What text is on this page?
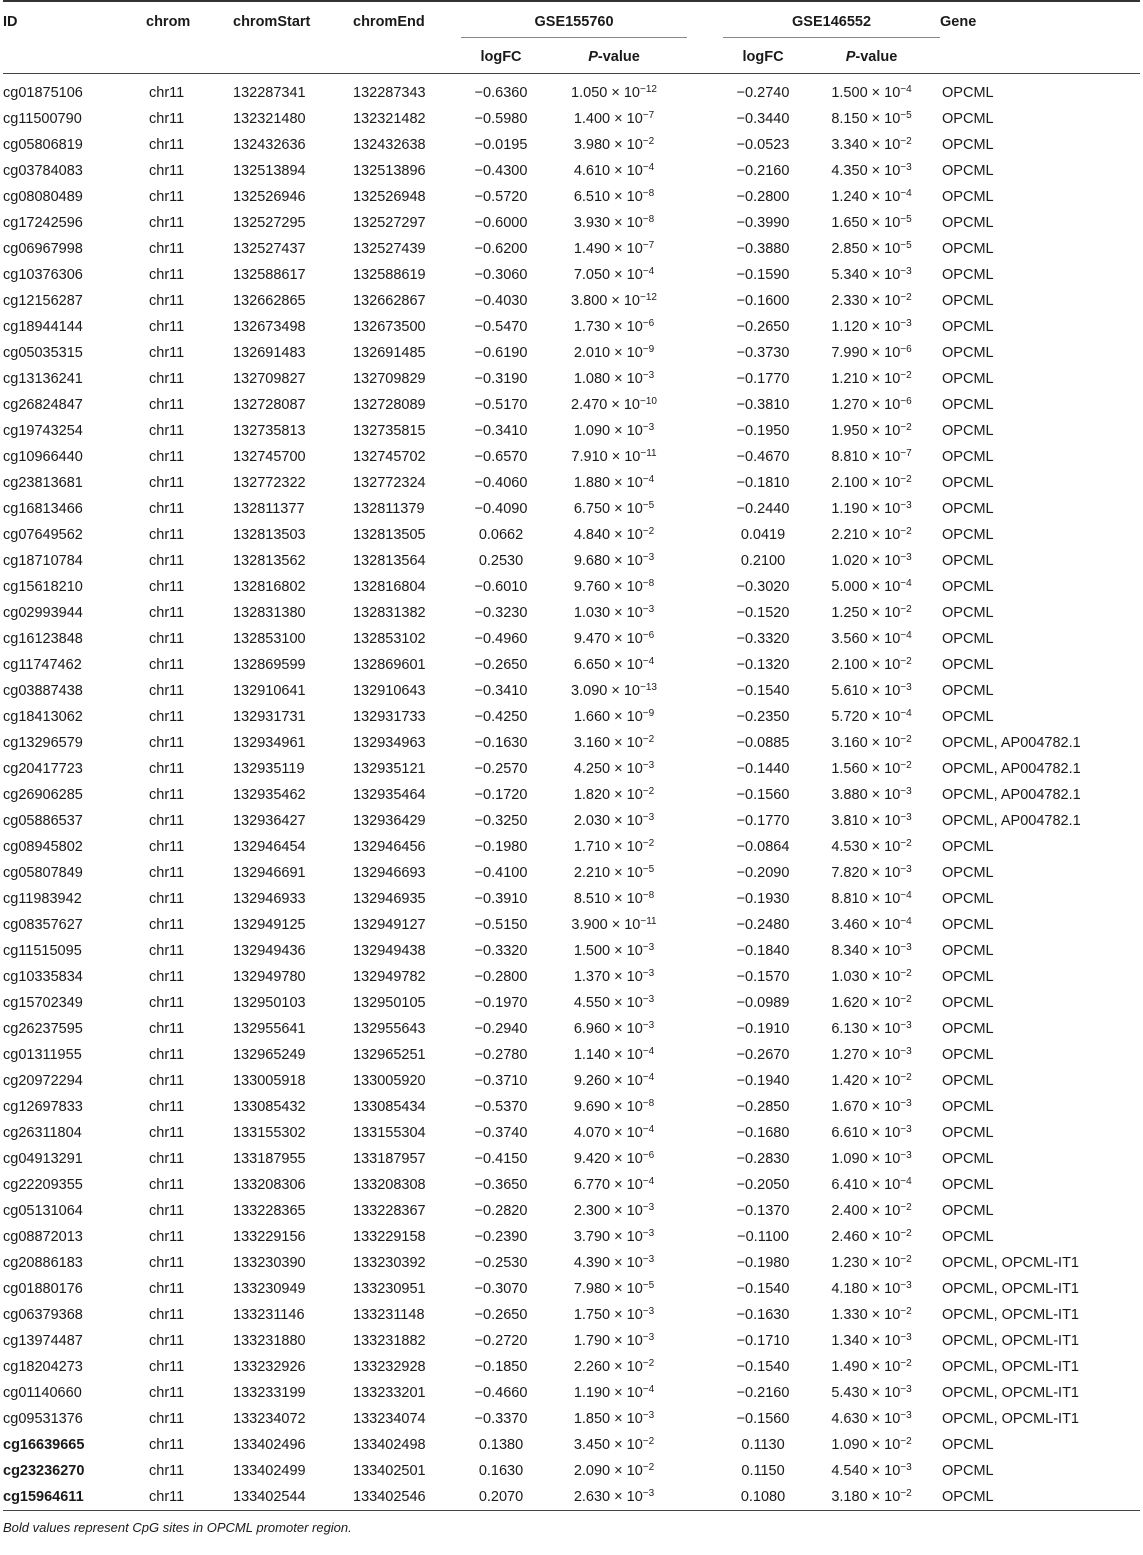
ID	chrom	chromStart	chromEnd	GSE155760			GSE146552		Gene
				logFC	P-value		logFC	P-value	
cg01875106	chr11	132287341	132287343	−0.6360	$1.050 \times 10^{-12}$		−0.2740	$1.500 \times 10^{-4}$	OPCML
cg11500790	chr11	132321480	132321482	−0.5980	$1.400 \times 10^{-7}$		−0.3440	$8.150 \times 10^{-5}$	OPCML
cg05806819	chr11	132432636	132432638	−0.0195	$3.980 \times 10^{-2}$		−0.0523	$3.340 \times 10^{-2}$	OPCML
cg03784083	chr11	132513894	132513896	−0.4300	$4.610 \times 10^{-4}$		−0.2160	$4.350 \times 10^{-3}$	OPCML
cg08080489	chr11	132526946	132526948	−0.5720	$6.510 \times 10^{-8}$		−0.2800	$1.240 \times 10^{-4}$	OPCML
cg17242596	chr11	132527295	132527297	−0.6000	$3.930 \times 10^{-8}$		−0.3990	$1.650 \times 10^{-5}$	OPCML
cg06967998	chr11	132527437	132527439	−0.6200	$1.490 \times 10^{-7}$		−0.3880	$2.850 \times 10^{-5}$	OPCML
cg10376306	chr11	132588617	132588619	−0.3060	$7.050 \times 10^{-4}$		−0.1590	$5.340 \times 10^{-3}$	OPCML
cg12156287	chr11	132662865	132662867	−0.4030	$3.800 \times 10^{-12}$		−0.1600	$2.330 \times 10^{-2}$	OPCML
cg18944144	chr11	132673498	132673500	−0.5470	$1.730 \times 10^{-6}$		−0.2650	$1.120 \times 10^{-3}$	OPCML
cg05035315	chr11	132691483	132691485	−0.6190	$2.010 \times 10^{-9}$		−0.3730	$7.990 \times 10^{-6}$	OPCML
cg13136241	chr11	132709827	132709829	−0.3190	$1.080 \times 10^{-3}$		−0.1770	$1.210 \times 10^{-2}$	OPCML
cg26824847	chr11	132728087	132728089	−0.5170	$2.470 \times 10^{-10}$		−0.3810	$1.270 \times 10^{-6}$	OPCML
cg19743254	chr11	132735813	132735815	−0.3410	$1.090 \times 10^{-3}$		−0.1950	$1.950 \times 10^{-2}$	OPCML
cg10966440	chr11	132745700	132745702	−0.6570	$7.910 \times 10^{-11}$		−0.4670	$8.810 \times 10^{-7}$	OPCML
cg23813681	chr11	132772322	132772324	−0.4060	$1.880 \times 10^{-4}$		−0.1810	$2.100 \times 10^{-2}$	OPCML
cg16813466	chr11	132811377	132811379	−0.4090	$6.750 \times 10^{-5}$		−0.2440	$1.190 \times 10^{-3}$	OPCML
cg07649562	chr11	132813503	132813505	0.0662	$4.840 \times 10^{-2}$		0.0419	$2.210 \times 10^{-2}$	OPCML
cg18710784	chr11	132813562	132813564	0.2530	$9.680 \times 10^{-3}$		0.2100	$1.020 \times 10^{-3}$	OPCML
cg15618210	chr11	132816802	132816804	−0.6010	$9.760 \times 10^{-8}$		−0.3020	$5.000 \times 10^{-4}$	OPCML
cg02993944	chr11	132831380	132831382	−0.3230	$1.030 \times 10^{-3}$		−0.1520	$1.250 \times 10^{-2}$	OPCML
cg16123848	chr11	132853100	132853102	−0.4960	$9.470 \times 10^{-6}$		−0.3320	$3.560 \times 10^{-4}$	OPCML
cg11747462	chr11	132869599	132869601	−0.2650	$6.650 \times 10^{-4}$		−0.1320	$2.100 \times 10^{-2}$	OPCML
cg03887438	chr11	132910641	132910643	−0.3410	$3.090 \times 10^{-13}$		−0.1540	$5.610 \times 10^{-3}$	OPCML
cg18413062	chr11	132931731	132931733	−0.4250	$1.660 \times 10^{-9}$		−0.2350	$5.720 \times 10^{-4}$	OPCML
cg13296579	chr11	132934961	132934963	−0.1630	$3.160 \times 10^{-2}$		−0.0885	$3.160 \times 10^{-2}$	OPCML, AP004782.1
cg20417723	chr11	132935119	132935121	−0.2570	$4.250 \times 10^{-3}$		−0.1440	$1.560 \times 10^{-2}$	OPCML, AP004782.1
cg26906285	chr11	132935462	132935464	−0.1720	$1.820 \times 10^{-2}$		−0.1560	$3.880 \times 10^{-3}$	OPCML, AP004782.1
cg05886537	chr11	132936427	132936429	−0.3250	$2.030 \times 10^{-3}$		−0.1770	$3.810 \times 10^{-3}$	OPCML, AP004782.1
cg08945802	chr11	132946454	132946456	−0.1980	$1.710 \times 10^{-2}$		−0.0864	$4.530 \times 10^{-2}$	OPCML
cg05807849	chr11	132946691	132946693	−0.4100	$2.210 \times 10^{-5}$		−0.2090	$7.820 \times 10^{-3}$	OPCML
cg11983942	chr11	132946933	132946935	−0.3910	$8.510 \times 10^{-8}$		−0.1930	$8.810 \times 10^{-4}$	OPCML
cg08357627	chr11	132949125	132949127	−0.5150	$3.900 \times 10^{-11}$		−0.2480	$3.460 \times 10^{-4}$	OPCML
cg11515095	chr11	132949436	132949438	−0.3320	$1.500 \times 10^{-3}$		−0.1840	$8.340 \times 10^{-3}$	OPCML
cg10335834	chr11	132949780	132949782	−0.2800	$1.370 \times 10^{-3}$		−0.1570	$1.030 \times 10^{-2}$	OPCML
cg15702349	chr11	132950103	132950105	−0.1970	$4.550 \times 10^{-3}$		−0.0989	$1.620 \times 10^{-2}$	OPCML
cg26237595	chr11	132955641	132955643	−0.2940	$6.960 \times 10^{-3}$		−0.1910	$6.130 \times 10^{-3}$	OPCML
cg01311955	chr11	132965249	132965251	−0.2780	$1.140 \times 10^{-4}$		−0.2670	$1.270 \times 10^{-3}$	OPCML
cg20972294	chr11	133005918	133005920	−0.3710	$9.260 \times 10^{-4}$		−0.1940	$1.420 \times 10^{-2}$	OPCML
cg12697833	chr11	133085432	133085434	−0.5370	$9.690 \times 10^{-8}$		−0.2850	$1.670 \times 10^{-3}$	OPCML
cg26311804	chr11	133155302	133155304	−0.3740	$4.070 \times 10^{-4}$		−0.1680	$6.610 \times 10^{-3}$	OPCML
cg04913291	chr11	133187955	133187957	−0.4150	$9.420 \times 10^{-6}$		−0.2830	$1.090 \times 10^{-3}$	OPCML
cg22209355	chr11	133208306	133208308	−0.3650	$6.770 \times 10^{-4}$		−0.2050	$6.410 \times 10^{-4}$	OPCML
cg05131064	chr11	133228365	133228367	−0.2820	$2.300 \times 10^{-3}$		−0.1370	$2.400 \times 10^{-2}$	OPCML
cg08872013	chr11	133229156	133229158	−0.2390	$3.790 \times 10^{-3}$		−0.1100	$2.460 \times 10^{-2}$	OPCML
cg20886183	chr11	133230390	133230392	−0.2530	$4.390 \times 10^{-3}$		−0.1980	$1.230 \times 10^{-2}$	OPCML, OPCML-IT1
cg01880176	chr11	133230949	133230951	−0.3070	$7.980 \times 10^{-5}$		−0.1540	$4.180 \times 10^{-3}$	OPCML, OPCML-IT1
cg06379368	chr11	133231146	133231148	−0.2650	$1.750 \times 10^{-3}$		−0.1630	$1.330 \times 10^{-2}$	OPCML, OPCML-IT1
cg13974487	chr11	133231880	133231882	−0.2720	$1.790 \times 10^{-3}$		−0.1710	$1.340 \times 10^{-3}$	OPCML, OPCML-IT1
cg18204273	chr11	133232926	133232928	−0.1850	$2.260 \times 10^{-2}$		−0.1540	$1.490 \times 10^{-2}$	OPCML, OPCML-IT1
cg01140660	chr11	133233199	133233201	−0.4660	$1.190 \times 10^{-4}$		−0.2160	$5.430 \times 10^{-3}$	OPCML, OPCML-IT1
cg09531376	chr11	133234072	133234074	−0.3370	$1.850 \times 10^{-3}$		−0.1560	$4.630 \times 10^{-3}$	OPCML, OPCML-IT1
cg16639665	chr11	133402496	133402498	0.1380	$3.450 \times 10^{-2}$		0.1130	$1.090 \times 10^{-2}$	OPCML
cg23236270	chr11	133402499	133402501	0.1630	$2.090 \times 10^{-2}$		0.1150	$4.540 \times 10^{-3}$	OPCML
cg15964611	chr11	133402544	133402546	0.2070	$2.630 \times 10^{-3}$		0.1080	$3.180 \times 10^{-2}$	OPCML
Bold values represent CpG sites in OPCML promoter region.
